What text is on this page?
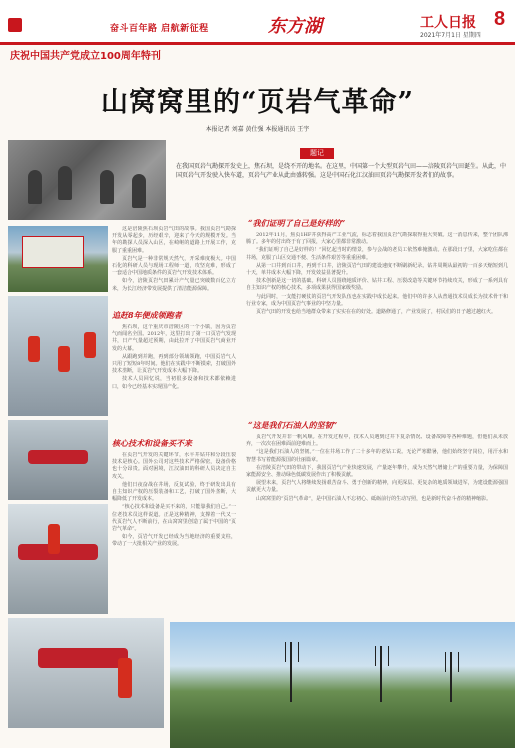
奋斗百年路 启航新征程	东方湖	工人日报 8
2021年7月1日 星期四
庆祝中国共产党成立100周年特刊
山窝窝里的“页岩气革命”
本报记者 刘嘉 黄仕强 本报通讯员 王宇
题记
在我国页岩气勘探开发史上，焦石坝，是绕不开的地名。在这里，中国第一个大型页岩气田——涪陵页岩气田诞生。从此，中国页岩气开发驶入快车道，页岩气产业从此由盛转强。这是中国石化江汉油田页岩气勘探开发者们的故事。

这是涪陵焦石坝页岩气田的故事。我国页岩气勘探开发从零起步，历经艰辛，迎来了今天的规模开发。当年的勘探人员深入山区，在崎岖的道路上开展工作，克服了重重困难。

页岩气是一种非常规天然气，开采难度极大。中国石化的科研人员与现场工程师一道，攻坚克难，形成了一套适合中国地质条件的页岩气开发技术体系。

如今，涪陵页岩气田累计产气量已突破数百亿立方米，为长江经济带发展提供了清洁能源保障。

追赶8年便成领跑者

焦石坝，这个重庆市涪陵区的一个小镇，因为页岩气而闻名全国。2012年，这里打出了第一口页岩气发现井，日产气量超过预期，由此拉开了中国页岩气商业开发的大幕。

从跟跑到并跑，再到部分领域领跑，中国页岩气人只用了短短8年时间。他们在实践中不断摸索，打破国外技术垄断，让页岩气开发成本大幅下降。

技术人员回忆说，当初很多设备和技术都依赖进口，如今已经基本实现国产化。

核心技术和设备买不来

在页岩气开发的关键环节，水平井钻井和分段压裂技术是核心。国外公司对这些技术严格保密，设备价格也十分昂贵。面对困境，江汉油田的科研人员决定自主攻关。

他们日夜奋战在井场，反复试验，终于研发出具有自主知识产权的压裂装备和工艺，打破了国外垄断，大幅降低了开发成本。

“核心技术和设备是买不来的，只能靠我们自己。”一位老技术员这样说道。正是这种精神，支撑着一代又一代页岩气人不断前行，在山窝窝里创造了属于中国的“页岩气革命”。

如今，页岩气开发已经成为当地经济的重要支柱，带动了一大批相关产业的发展。

“我们证明了自己是好样的”

2012年11月，焦页1HF井获得高产工业气流，标志着我国页岩气勘探取得重大突破。这一消息传来，整个团队沸腾了。多年的付出终于有了回报，大家心里都非常激动。

“我们证明了自己是好样的！”回忆起当时的情景，参与会战的老员工依然难掩激动。在那段日子里，大家吃住都在井场，克服了山区交通不便、生活条件艰苦等重重困难。

从第一口井到百口井，再到千口井，涪陵页岩气田的建设速度不断刷新纪录。钻井周期从最初的一百多天缩短到几十天，单井成本大幅下降，开发效益显著提升。

技术创新是这一切的基础。科研人员围绕地质评价、钻井工程、压裂改造等关键环节持续攻关，形成了一系列具有自主知识产权的核心技术，多项成果获得国家级奖励。

与此同时，一支能打硬仗的页岩气开发队伍也在实践中成长起来。他们中的许多人从普通技术员成长为技术骨干和行业专家，成为中国页岩气事业的中坚力量。

页岩气田的开发也给当地群众带来了实实在在的好处。道路修通了，产业发展了，村民们的日子越过越红火。

“这是我们石油人的坚韧”

页岩气开发并非一帆风顺。在开发过程中，技术人员遇到过井下复杂情况、设备故障等各种难题，但他们从未放弃，一次次在困难面前迎难而上。

“这是我们石油人的坚韧。”一位在井场工作了二十多年的老钻工说。无论严寒酷暑，他们始终坚守岗位，用汗水和智慧书写着能源报国的壮丽篇章。

在涪陵页岩气田的带动下，我国页岩气产业快速发展，产量逐年攀升，成为天然气增储上产的重要力量，为保障国家能源安全、推动绿色低碳发展作出了积极贡献。

展望未来，页岩气人将继续发扬艰苦奋斗、勇于创新的精神，向更深层、更复杂的地质领域进军，为建设能源强国贡献更大力量。

山窝窝里的“页岩气革命”，是中国石油人不忘初心、砥砺前行的生动写照，也是新时代奋斗者的精神缩影。
